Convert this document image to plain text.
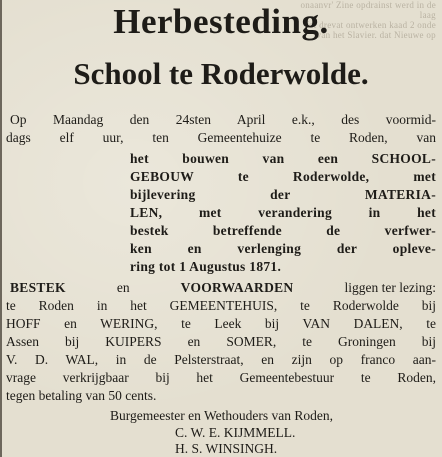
onaanvr' Zine opdrainst werd in de laag
fot drevat ontwerken kaad 2 onde
van het Slavier. dat Nieuwe op
Herbesteding.
School te Roderwolde.
Op Maandag den 24sten April e.k., des voormid-
dags elf uur, ten Gemeentehuize te Roden, van
het bouwen van een SCHOOL-
GEBOUW te Roderwolde, met
bijlevering der MATERIA-
LEN, met verandering in het
bestek betreffende de verfwer-
ken en verlenging der opleve-
ring tot 1 Augustus 1871.
BESTEK	en	VOORWAARDEN	liggen ter lezing:
te Roden in het GEMEENTEHUIS, te Roderwolde bij
HOFF en WERING, te Leek bij VAN DALEN, te
Assen bij KUIPERS en SOMER, te Groningen bij
V. D. WAL, in de Pelsterstraat, en zijn op franco aan-
vrage verkrijgbaar bij het Gemeentebestuur te Roden,
tegen betaling van 50 cents.
Burgemeester en Wethouders van Roden,
C. W. E. KIJMMELL.
H. S. WINSINGH.
